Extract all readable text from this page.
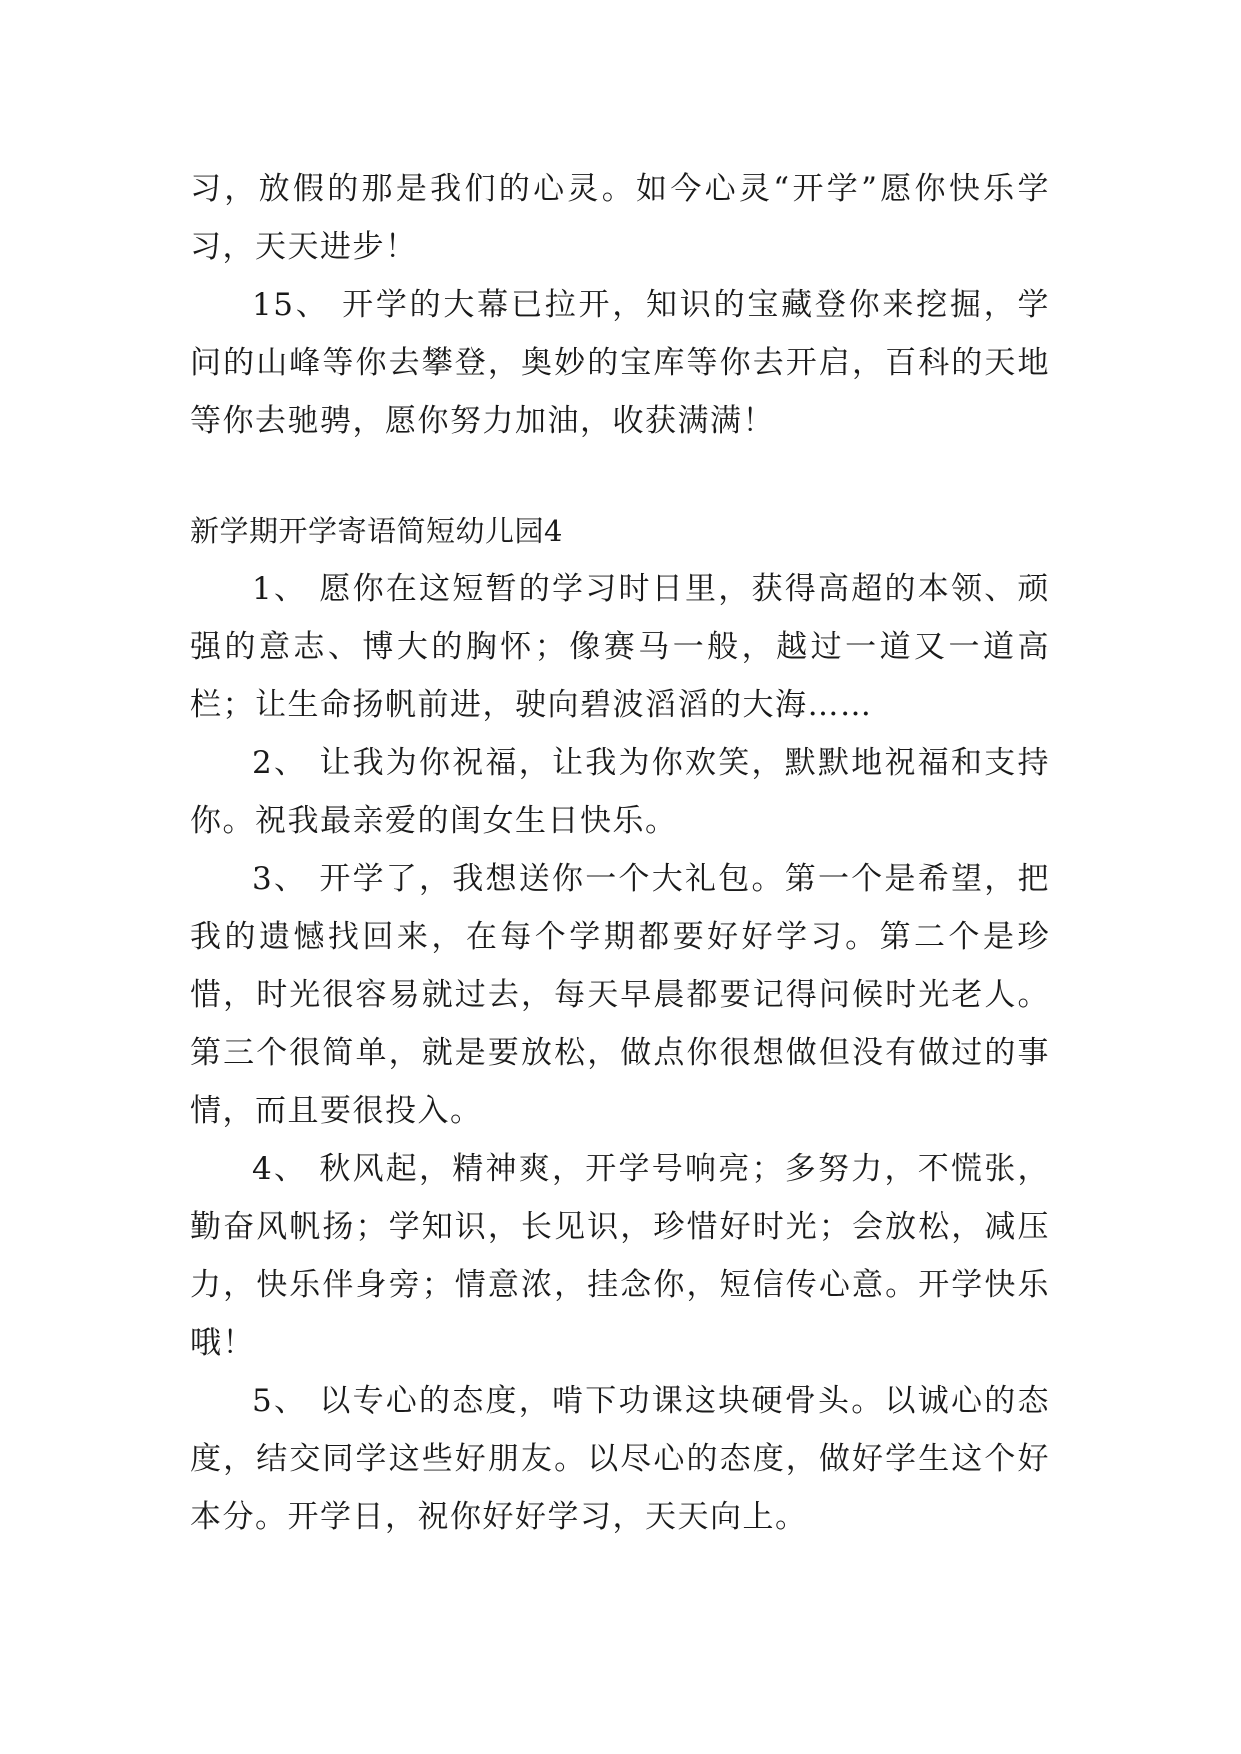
习，放假的那是我们的心灵。如今心灵“开学”愿你快乐学习，天天进步！

15、 开学的大幕已拉开，知识的宝藏登你来挖掘，学问的山峰等你去攀登，奥妙的宝库等你去开启，百科的天地等你去驰骋，愿你努力加油，收获满满！

新学期开学寄语简短幼儿园4

1、 愿你在这短暂的学习时日里，获得高超的本领、顽强的意志、博大的胸怀；像赛马一般，越过一道又一道高栏；让生命扬帆前进，驶向碧波滔滔的大海……

2、 让我为你祝福，让我为你欢笑，默默地祝福和支持你。祝我最亲爱的闺女生日快乐。

3、 开学了，我想送你一个大礼包。第一个是希望，把我的遗憾找回来，在每个学期都要好好学习。第二个是珍惜，时光很容易就过去，每天早晨都要记得问候时光老人。第三个很简单，就是要放松，做点你很想做但没有做过的事情，而且要很投入。

4、 秋风起，精神爽，开学号响亮；多努力，不慌张，勤奋风帆扬；学知识，长见识，珍惜好时光；会放松，减压力，快乐伴身旁；情意浓，挂念你，短信传心意。开学快乐哦！

5、 以专心的态度，啃下功课这块硬骨头。以诚心的态度，结交同学这些好朋友。以尽心的态度，做好学生这个好本分。开学日，祝你好好学习，天天向上。
